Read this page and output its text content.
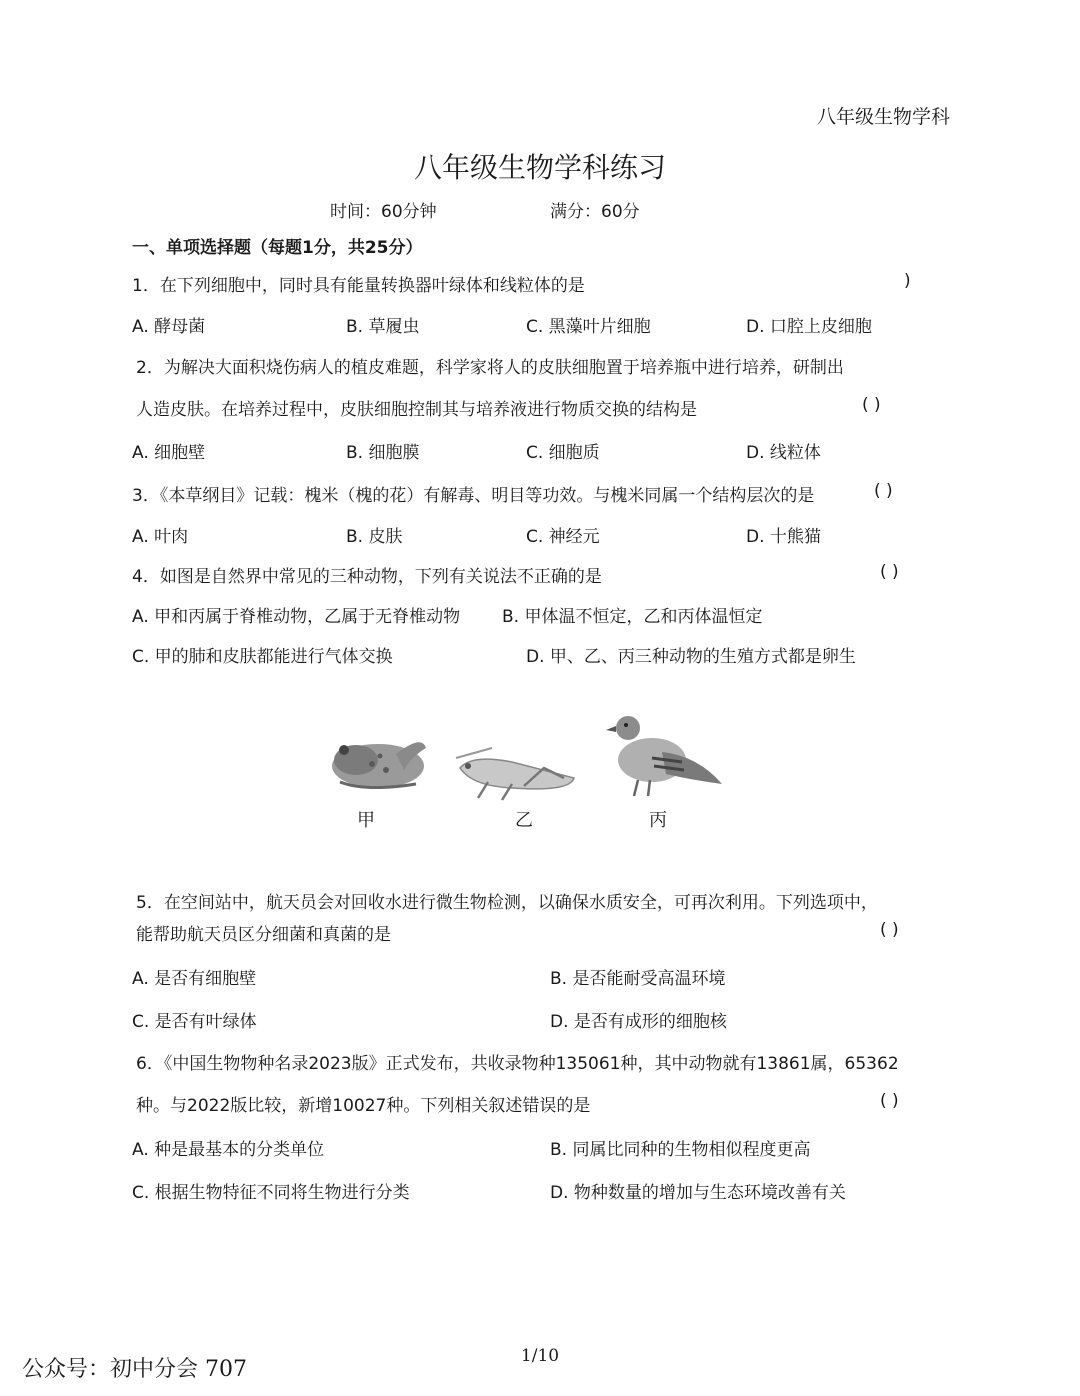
八年级生物学科
八年级生物学科练习
时间：60分钟	满分：60分
一、单项选择题（每题1分，共25分）
1．在下列细胞中，同时具有能量转换器叶绿体和线粒体的是	)
A. 酵母菌	B. 草履虫	C. 黑藻叶片细胞	D. 口腔上皮细胞
2．为解决大面积烧伤病人的植皮难题，科学家将人的皮肤细胞置于培养瓶中进行培养，研制出
人造皮肤。在培养过程中，皮肤细胞控制其与培养液进行物质交换的结构是	( )
A. 细胞壁	B. 细胞膜	C. 细胞质	D. 线粒体
3．《本草纲目》记载：槐米（槐的花）有解毒、明目等功效。与槐米同属一个结构层次的是	( )
A. 叶肉	B. 皮肤	C. 神经元	D. 十熊猫
4．如图是自然界中常见的三种动物，下列有关说法不正确的是	( )
A. 甲和丙属于脊椎动物，乙属于无脊椎动物 B. 甲体温不恒定，乙和丙体温恒定
C. 甲的肺和皮肤都能进行气体交换	D. 甲、乙、丙三种动物的生殖方式都是卵生
甲	乙	丙
5．在空间站中，航天员会对回收水进行微生物检测，以确保水质安全，可再次利用。下列选项中，
能帮助航天员区分细菌和真菌的是	( )
A. 是否有细胞壁	B. 是否能耐受高温环境
C. 是否有叶绿体	D. 是否有成形的细胞核
6．《中国生物物种名录2023版》正式发布，共收录物种135061种，其中动物就有13861属，65362
种。与2022版比较，新增10027种。下列相关叙述错误的是	( )
A. 种是最基本的分类单位	B. 同属比同种的生物相似程度更高
C. 根据生物特征不同将生物进行分类	D. 物种数量的增加与生态环境改善有关
1/10
公众号：初中分会 707
